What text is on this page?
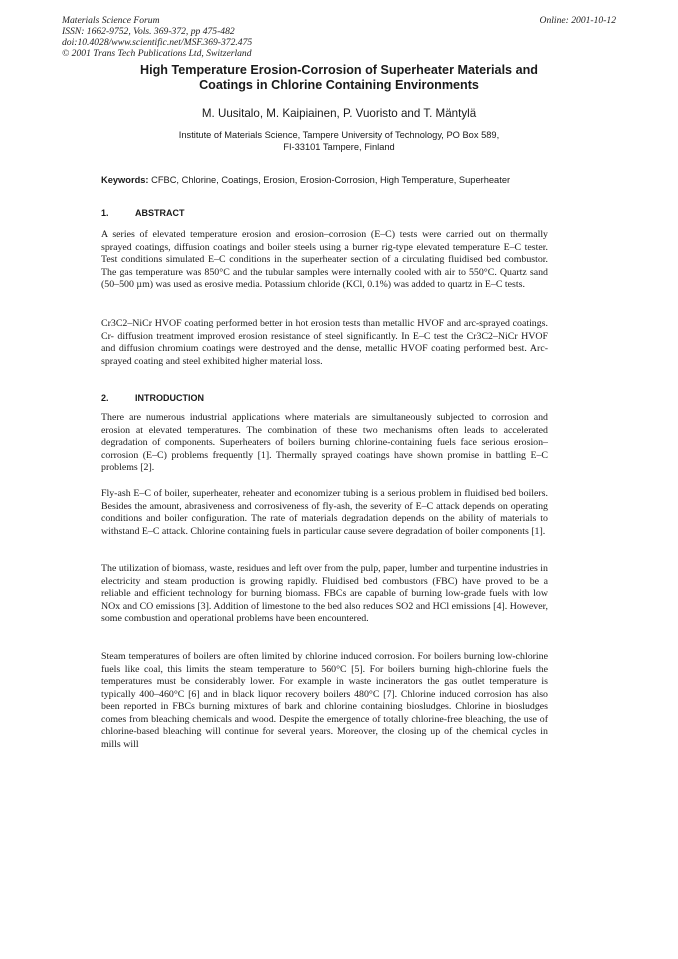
Materials Science Forum
ISSN: 1662-9752, Vols. 369-372, pp 475-482
doi:10.4028/www.scientific.net/MSF.369-372.475
© 2001 Trans Tech Publications Ltd, Switzerland
Online: 2001-10-12
High Temperature Erosion-Corrosion of Superheater Materials and
Coatings in Chlorine Containing Environments
M. Uusitalo, M. Kaipiainen, P. Vuoristo and T. Mäntylä
Institute of Materials Science, Tampere University of Technology, PO Box 589,
FI-33101 Tampere, Finland
Keywords: CFBC, Chlorine, Coatings, Erosion, Erosion-Corrosion, High Temperature, Superheater
1.	ABSTRACT

A series of elevated temperature erosion and erosion–corrosion (E–C) tests were carried out on thermally sprayed coatings, diffusion coatings and boiler steels using a burner rig-type elevated temperature E–C tester. Test conditions simulated E–C conditions in the superheater section of a circulating fluidised bed combustor. The gas temperature was 850°C and the tubular samples were internally cooled with air to 550°C. Quartz sand (50–500 µm) was used as erosive media. Potassium chloride (KCl, 0.1%) was added to quartz in E–C tests.

Cr3C2–NiCr HVOF coating performed better in hot erosion tests than metallic HVOF and arc-sprayed coatings. Cr- diffusion treatment improved erosion resistance of steel significantly. In E–C test the Cr3C2–NiCr HVOF and diffusion chromium coatings were destroyed and the dense, metallic HVOF coating performed best. Arc-sprayed coating and steel exhibited higher material loss.

2.	INTRODUCTION

There are numerous industrial applications where materials are simultaneously subjected to corrosion and erosion at elevated temperatures. The combination of these two mechanisms often leads to accelerated degradation of components. Superheaters of boilers burning chlorine-containing fuels face serious erosion–corrosion (E–C) problems frequently [1]. Thermally sprayed coatings have shown promise in battling E–C problems [2].

Fly-ash E–C of boiler, superheater, reheater and economizer tubing is a serious problem in fluidised bed boilers. Besides the amount, abrasiveness and corrosiveness of fly-ash, the severity of E–C attack depends on operating conditions and boiler configuration. The rate of materials degradation depends on the ability of materials to withstand E–C attack. Chlorine containing fuels in particular cause severe degradation of boiler components [1].

The utilization of biomass, waste, residues and left over from the pulp, paper, lumber and turpentine industries in electricity and steam production is growing rapidly. Fluidised bed combustors (FBC) have proved to be a reliable and efficient technology for burning biomass. FBCs are capable of burning low-grade fuels with low NOx and CO emissions [3]. Addition of limestone to the bed also reduces SO2 and HCl emissions [4]. However, some combustion and operational problems have been encountered.

Steam temperatures of boilers are often limited by chlorine induced corrosion. For boilers burning low-chlorine fuels like coal, this limits the steam temperature to 560°C [5]. For boilers burning high-chlorine fuels the temperatures must be considerably lower. For example in waste incinerators the gas outlet temperature is typically 400–460°C [6] and in black liquor recovery boilers 480°C [7]. Chlorine induced corrosion has also been reported in FBCs burning mixtures of bark and chlorine containing biosludges. Chlorine in biosludges comes from bleaching chemicals and wood. Despite the emergence of totally chlorine-free bleaching, the use of chlorine-based bleaching will continue for several years. Moreover, the closing up of the chemical cycles in mills will
